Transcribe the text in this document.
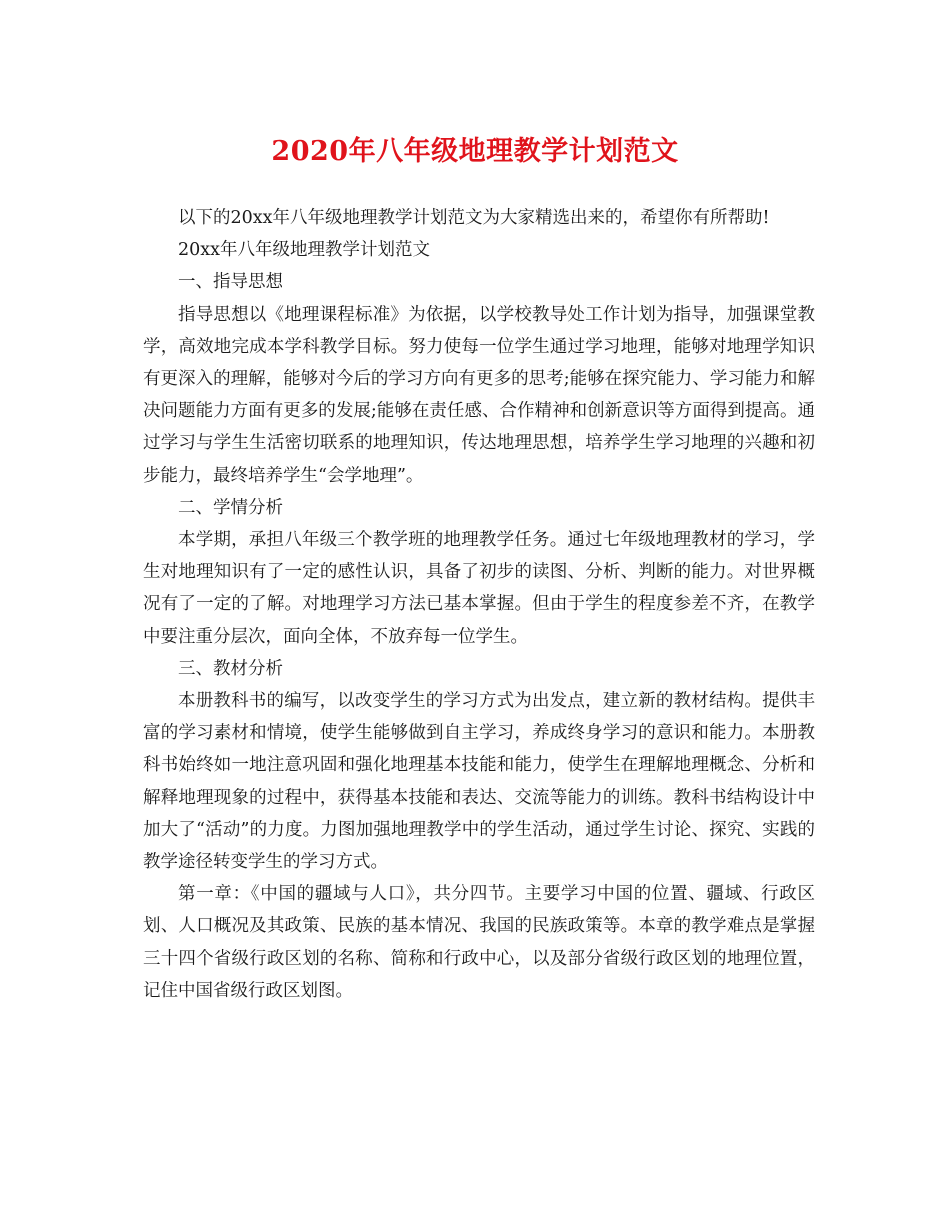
2020年八年级地理教学计划范文

以下的20xx年八年级地理教学计划范文为大家精选出来的，希望你有所帮助!

20xx年八年级地理教学计划范文

一、指导思想

指导思想以《地理课程标准》为依据，以学校教导处工作计划为指导，加强课堂教学，高效地完成本学科教学目标。努力使每一位学生通过学习地理，能够对地理学知识有更深入的理解，能够对今后的学习方向有更多的思考;能够在探究能力、学习能力和解决问题能力方面有更多的发展;能够在责任感、合作精神和创新意识等方面得到提高。通过学习与学生生活密切联系的地理知识，传达地理思想，培养学生学习地理的兴趣和初步能力，最终培养学生“会学地理”。

二、学情分析

本学期，承担八年级三个教学班的地理教学任务。通过七年级地理教材的学习，学生对地理知识有了一定的感性认识，具备了初步的读图、分析、判断的能力。对世界概况有了一定的了解。对地理学习方法已基本掌握。但由于学生的程度参差不齐，在教学中要注重分层次，面向全体，不放弃每一位学生。

三、教材分析

本册教科书的编写，以改变学生的学习方式为出发点，建立新的教材结构。提供丰富的学习素材和情境，使学生能够做到自主学习，养成终身学习的意识和能力。本册教科书始终如一地注意巩固和强化地理基本技能和能力，使学生在理解地理概念、分析和解释地理现象的过程中，获得基本技能和表达、交流等能力的训练。教科书结构设计中加大了“活动”的力度。力图加强地理教学中的学生活动，通过学生讨论、探究、实践的教学途径转变学生的学习方式。

第一章：《中国的疆域与人口》，共分四节。主要学习中国的位置、疆域、行政区划、人口概况及其政策、民族的基本情况、我国的民族政策等。本章的教学难点是掌握三十四个省级行政区划的名称、简称和行政中心，以及部分省级行政区划的地理位置，记住中国省级行政区划图。
